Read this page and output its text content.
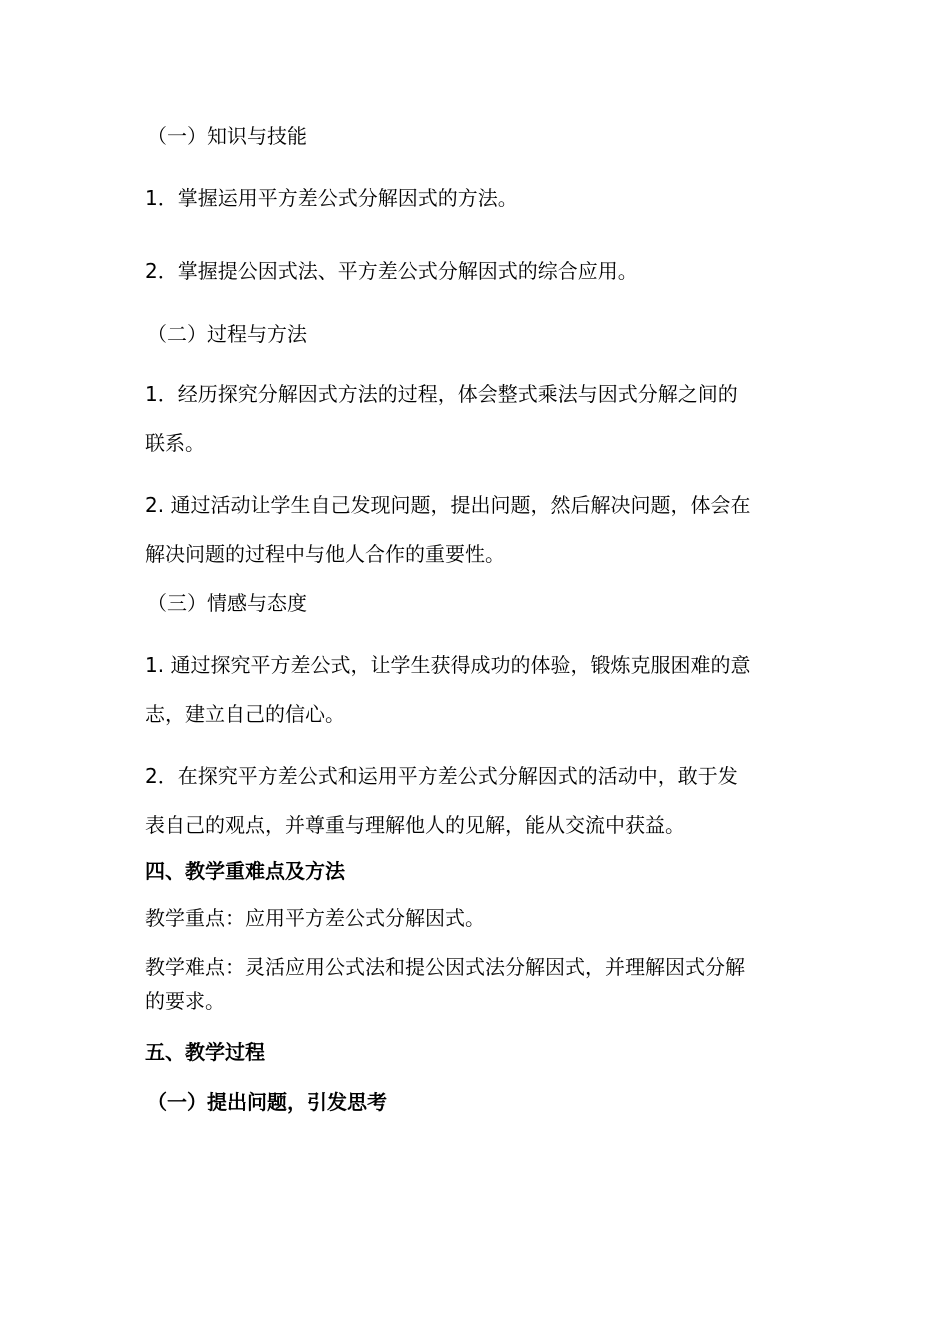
（一）知识与技能

1．掌握运用平方差公式分解因式的方法。

2．掌握提公因式法、平方差公式分解因式的综合应用。

（二）过程与方法

1．经历探究分解因式方法的过程，体会整式乘法与因式分解之间的

联系。

2. 通过活动让学生自己发现问题，提出问题，然后解决问题，体会在

解决问题的过程中与他人合作的重要性。

（三）情感与态度

1. 通过探究平方差公式，让学生获得成功的体验，锻炼克服困难的意

志，建立自己的信心。

2．在探究平方差公式和运用平方差公式分解因式的活动中，敢于发

表自己的观点，并尊重与理解他人的见解，能从交流中获益。

四、教学重难点及方法

教学重点：应用平方差公式分解因式。

教学难点：灵活应用公式法和提公因式法分解因式，并理解因式分解

的要求。

五、教学过程

（一）提出问题，引发思考
